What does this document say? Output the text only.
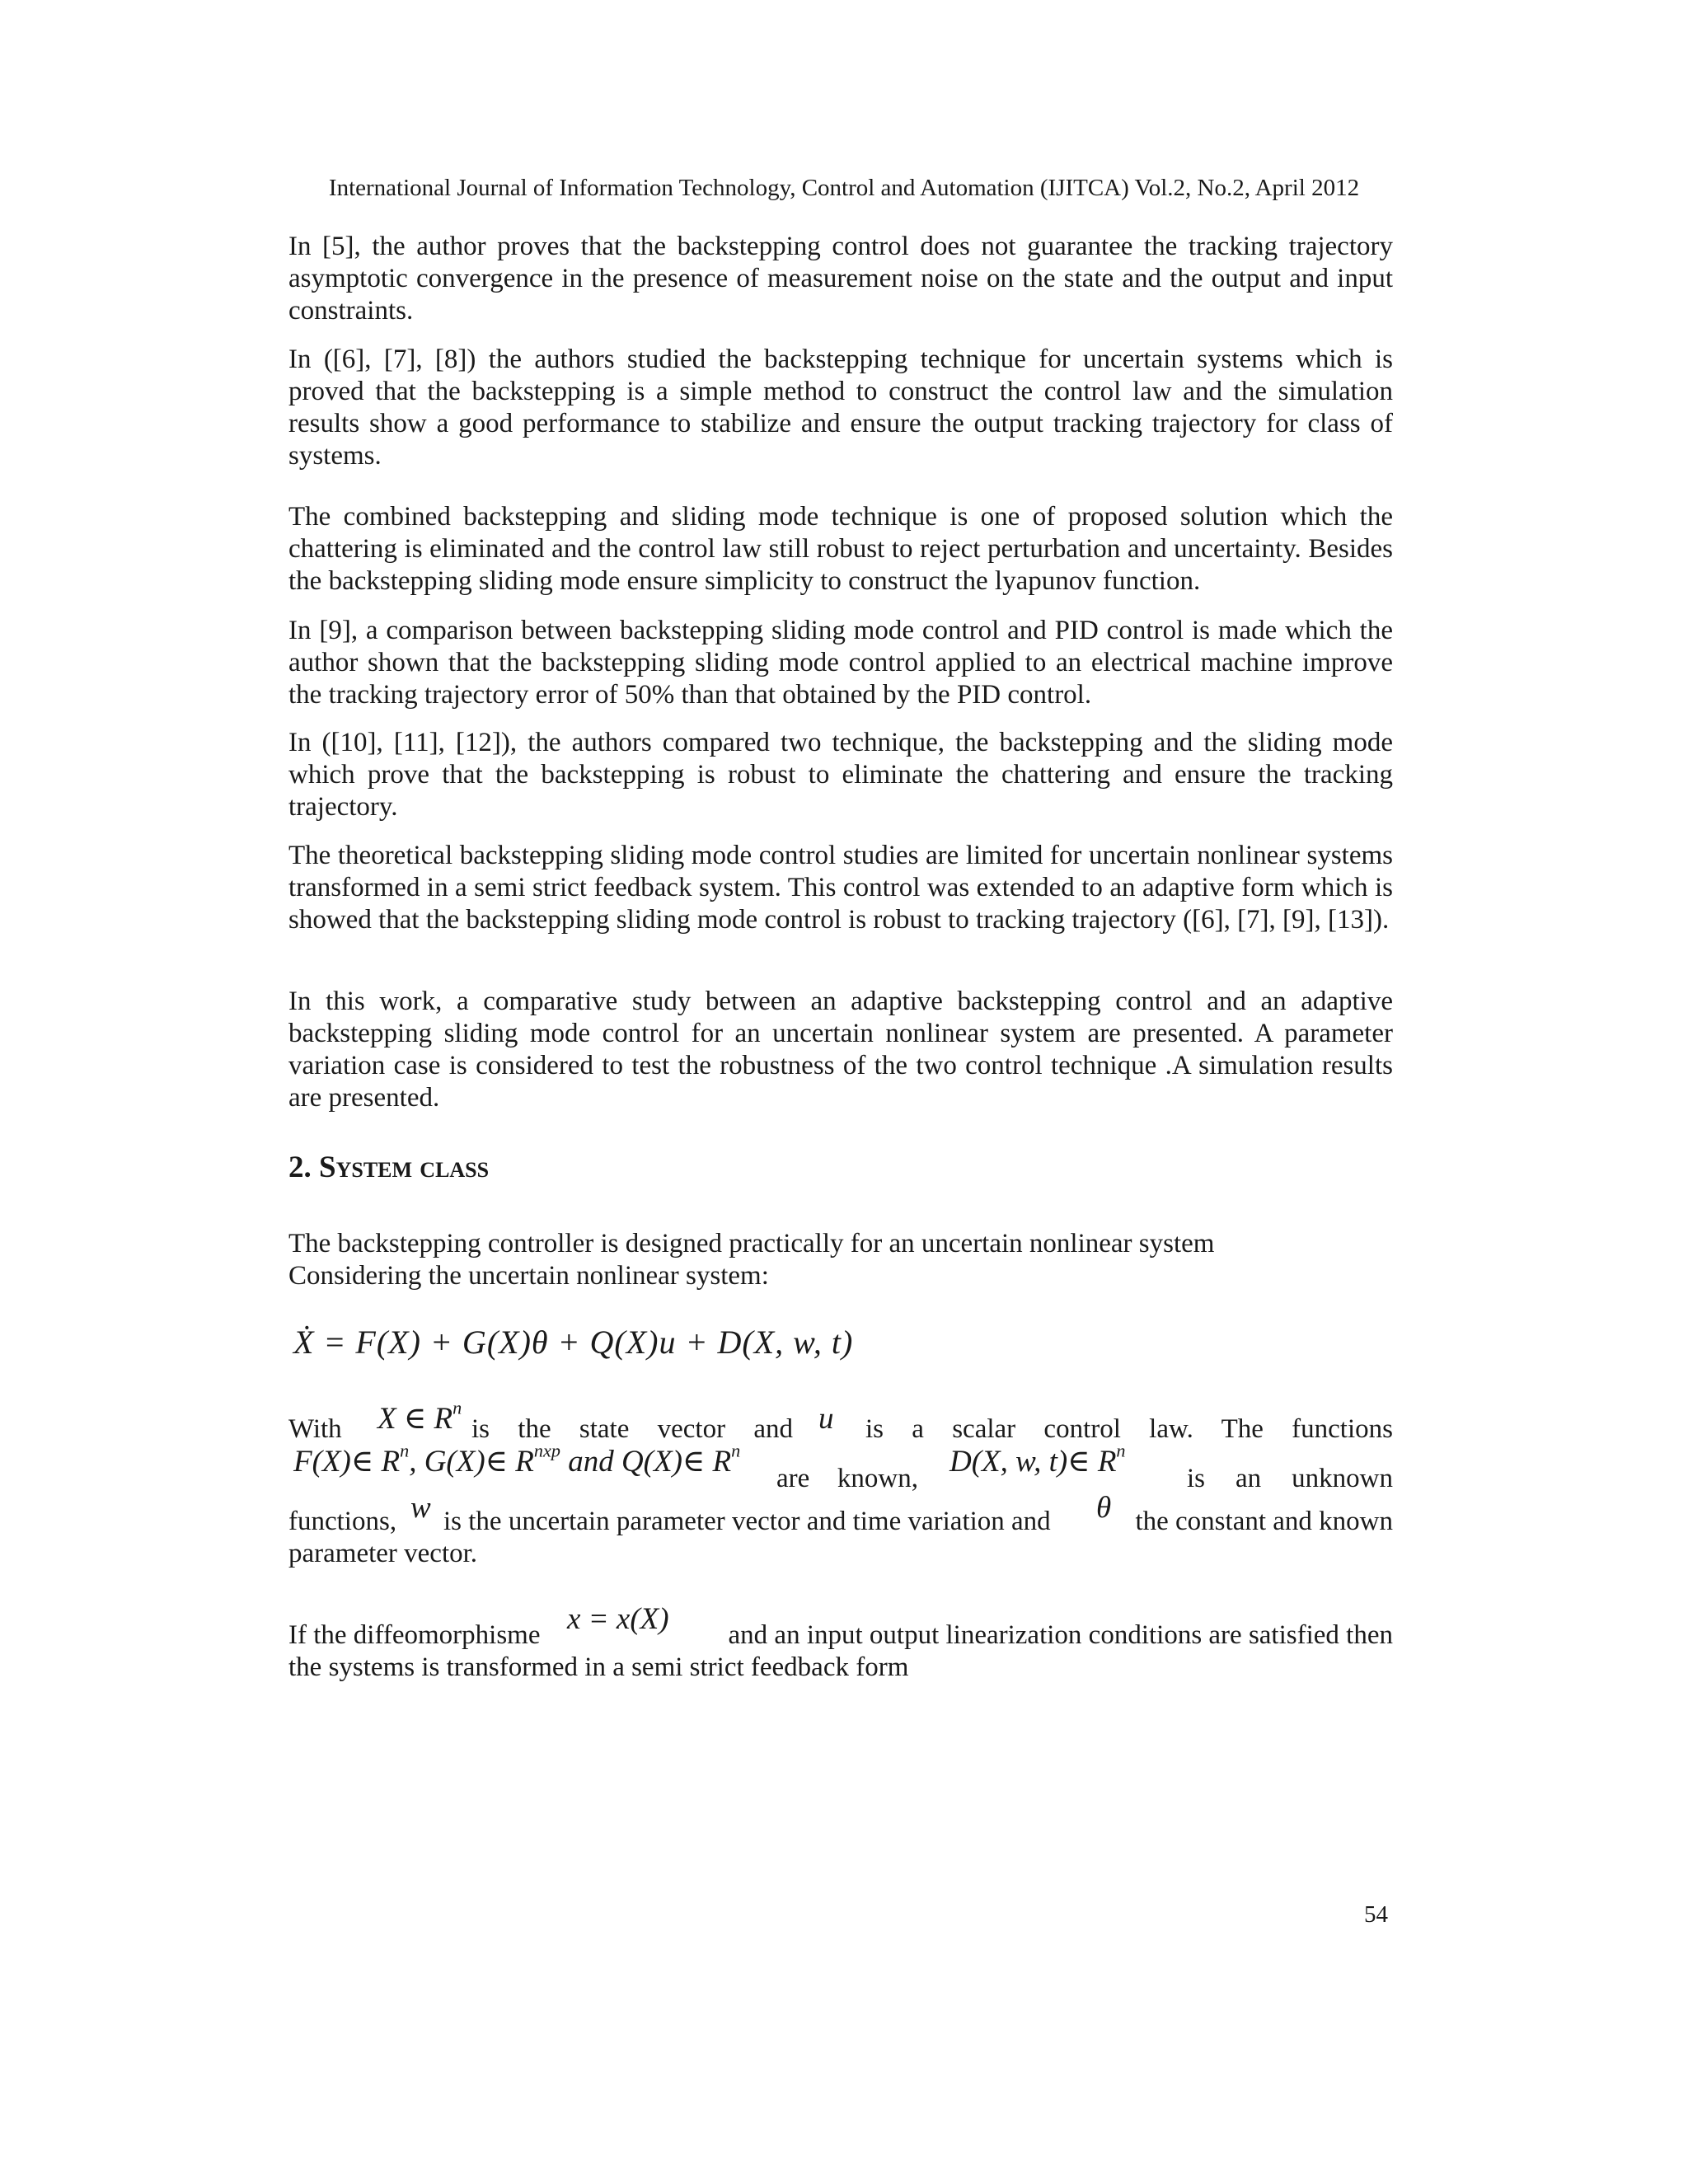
International Journal of Information Technology, Control and Automation (IJITCA) Vol.2, No.2, April 2012

In [5], the author proves that the backstepping control does not guarantee the tracking trajectory asymptotic convergence in the presence of measurement noise on the state and the output and input constraints.

In ([6], [7], [8]) the authors studied the backstepping technique for uncertain systems which is proved that the backstepping is a simple method to construct the control law and the simulation results show a good performance to stabilize and ensure the output tracking trajectory for class of systems.

The combined backstepping and sliding mode technique is one of proposed solution which the chattering is eliminated and the control law still robust to reject perturbation and uncertainty. Besides the backstepping sliding mode ensure simplicity to construct the lyapunov function.

In [9], a comparison between backstepping sliding mode control and PID control is made which the author shown that the backstepping sliding mode control applied to an electrical machine improve the tracking trajectory error of 50% than that obtained by the PID control.

In ([10], [11], [12]), the authors compared two technique, the backstepping and the sliding mode which prove that the backstepping is robust to eliminate the chattering and ensure the tracking trajectory.

The theoretical backstepping sliding mode control studies are limited for uncertain nonlinear systems transformed in a semi strict feedback system. This control was extended to an adaptive form which is showed that the backstepping sliding mode control is robust to tracking trajectory ([6], [7], [9], [13]).

In this work, a comparative study between an adaptive backstepping control and an adaptive backstepping sliding mode control for an uncertain nonlinear system are presented. A parameter variation case is considered to test the robustness of the two control technique .A simulation results are presented.

2. System class
The backstepping controller is designed practically for an uncertain nonlinear system
Considering the uncertain nonlinear system:
Ẋ = F(X) + G(X)θ + Q(X)u + D(X, w, t)
With X ∈ $R^n$
is the state vector and u is a scalar control law. The functions
F(X)∈ $R^n$, G(X)∈ $R^{nxp}$ and Q(X)∈ $R^n$
are known, D(X, w, t)∈ $R^n$
is an unknown
functions, w is the uncertain parameter vector and time variation and θ the constant and known
parameter vector.
If the diffeomorphisme x = x(X)	and an input output linearization conditions are satisfied then
the systems is transformed in a semi strict feedback form
54
